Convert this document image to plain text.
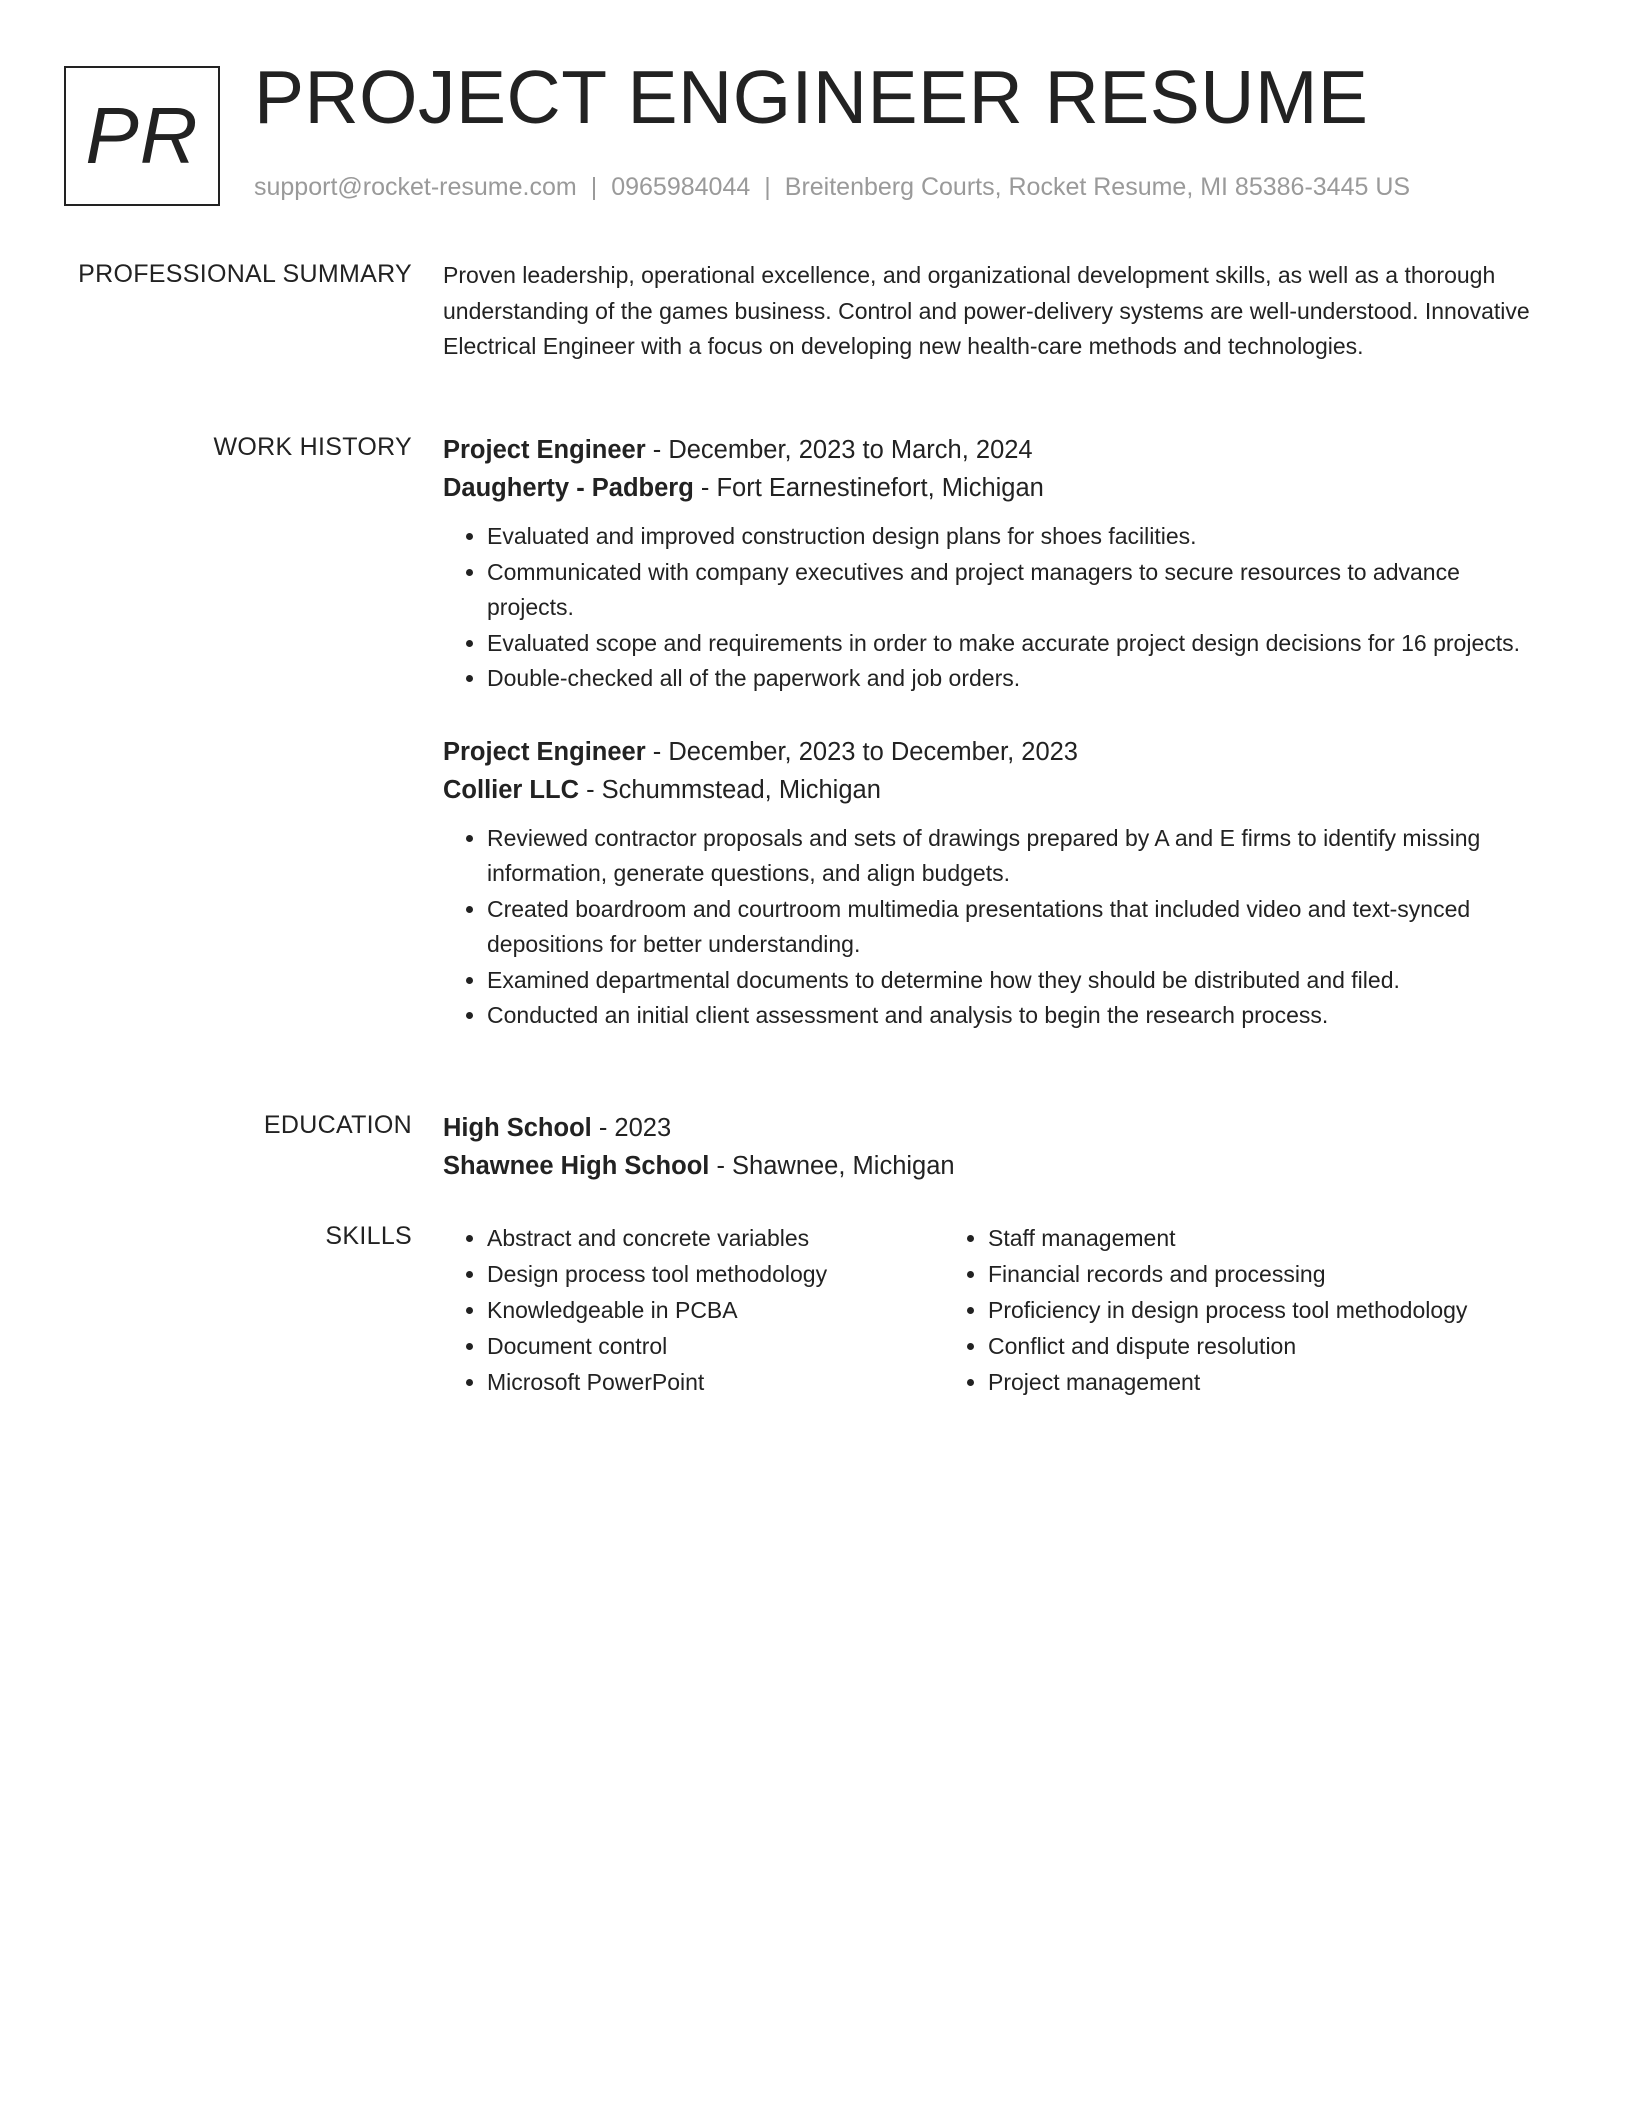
PR PROJECT ENGINEER RESUME
support@rocket-resume.com | 0965984044 | Breitenberg Courts, Rocket Resume, MI 85386-3445 US
PROFESSIONAL SUMMARY Proven leadership, operational excellence, and organizational development skills, as well as a thorough understanding of the games business. Control and power-delivery systems are well-understood. Innovative Electrical Engineer with a focus on developing new health-care methods and technologies.
WORK HISTORY Project Engineer - December, 2023 to March, 2024
Daugherty - Padberg - Fort Earnestinefort, Michigan
• Evaluated and improved construction design plans for shoes facilities.
• Communicated with company executives and project managers to secure resources to advance projects.
• Evaluated scope and requirements in order to make accurate project design decisions for 16 projects.
• Double-checked all of the paperwork and job orders.
Project Engineer - December, 2023 to December, 2023
Collier LLC - Schummstead, Michigan
• Reviewed contractor proposals and sets of drawings prepared by A and E firms to identify missing information, generate questions, and align budgets.
• Created boardroom and courtroom multimedia presentations that included video and text-synced depositions for better understanding.
• Examined departmental documents to determine how they should be distributed and filed.
• Conducted an initial client assessment and analysis to begin the research process.
EDUCATION High School - 2023
Shawnee High School - Shawnee, Michigan
SKILLS
•	Abstract and concrete variables
• Design process tool methodology
• Knowledgeable in PCBA
• Document control
• Microsoft PowerPoint
• Staff management
• Financial records and processing
• Proficiency in design process tool methodology
• Conflict and dispute resolution
• Project management
